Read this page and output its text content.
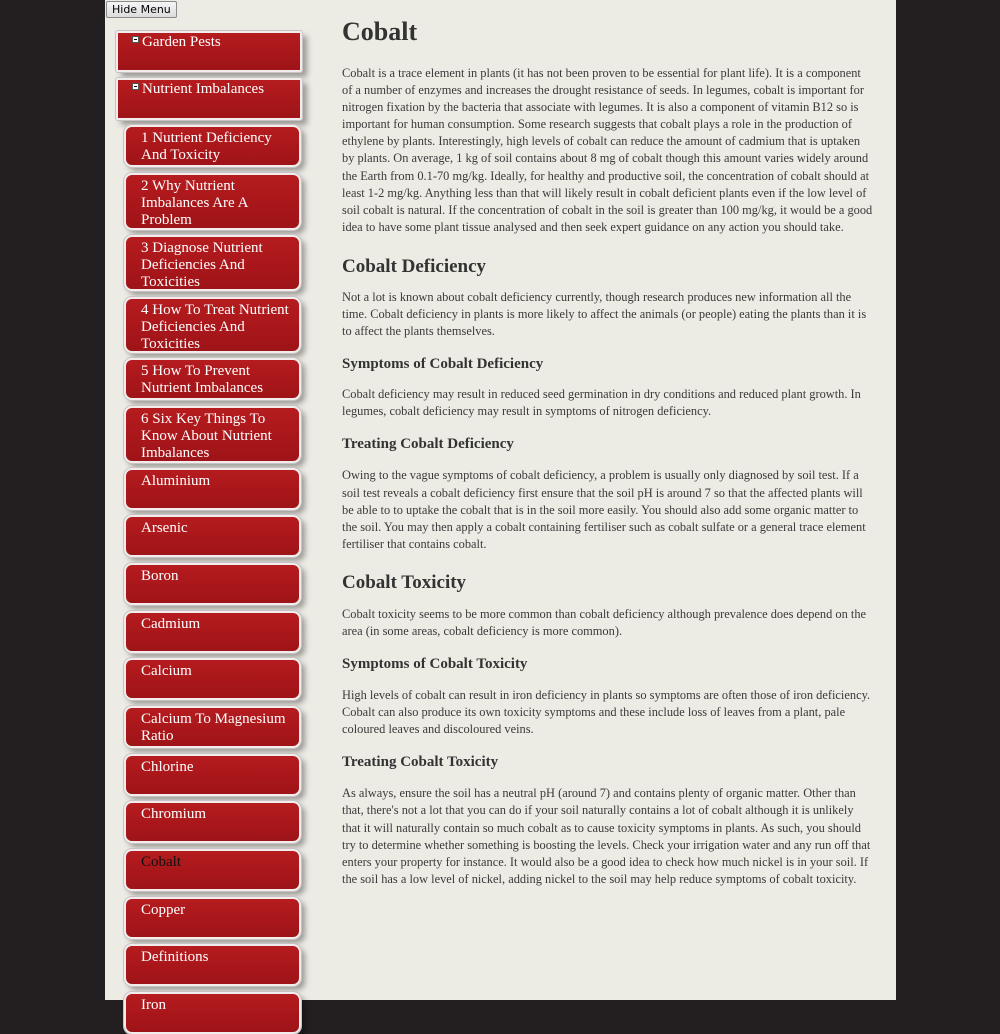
Hide Menu
Garden Pests
Nutrient Imbalances
1 Nutrient Deficiency And Toxicity
2 Why Nutrient Imbalances Are A Problem
3 Diagnose Nutrient Deficiencies And Toxicities
4 How To Treat Nutrient Deficiencies And Toxicities
5 How To Prevent Nutrient Imbalances
6 Six Key Things To Know About Nutrient Imbalances
Aluminium
Arsenic
Boron
Cadmium
Calcium
Calcium To Magnesium Ratio
Chlorine
Chromium
Cobalt
Copper
Definitions
Iron
Cobalt

Cobalt is a trace element in plants (it has not been proven to be essential for plant life). It is a component of a number of enzymes and increases the drought resistance of seeds. In legumes, cobalt is important for nitrogen fixation by the bacteria that associate with legumes. It is also a component of vitamin B12 so is important for human consumption. Some research suggests that cobalt plays a role in the production of ethylene by plants. Interestingly, high levels of cobalt can reduce the amount of cadmium that is uptaken by plants. On average, 1 kg of soil contains about 8 mg of cobalt though this amount varies widely around the Earth from 0.1-70 mg/kg. Ideally, for healthy and productive soil, the concentration of cobalt should at least 1-2 mg/kg. Anything less than that will likely result in cobalt deficient plants even if the low level of soil cobalt is natural. If the concentration of cobalt in the soil is greater than 100 mg/kg, it would be a good idea to have some plant tissue analysed and then seek expert guidance on any action you should take.

Cobalt Deficiency

Not a lot is known about cobalt deficiency currently, though research produces new information all the time. Cobalt deficiency in plants is more likely to affect the animals (or people) eating the plants than it is to affect the plants themselves.

Symptoms of Cobalt Deficiency

Cobalt deficiency may result in reduced seed germination in dry conditions and reduced plant growth. In legumes, cobalt deficiency may result in symptoms of nitrogen deficiency.

Treating Cobalt Deficiency

Owing to the vague symptoms of cobalt deficiency, a problem is usually only diagnosed by soil test. If a soil test reveals a cobalt deficiency first ensure that the soil pH is around 7 so that the affected plants will be able to to uptake the cobalt that is in the soil more easily. You should also add some organic matter to the soil. You may then apply a cobalt containing fertiliser such as cobalt sulfate or a general trace element fertiliser that contains cobalt.

Cobalt Toxicity

Cobalt toxicity seems to be more common than cobalt deficiency although prevalence does depend on the area (in some areas, cobalt deficiency is more common).

Symptoms of Cobalt Toxicity

High levels of cobalt can result in iron deficiency in plants so symptoms are often those of iron deficiency. Cobalt can also produce its own toxicity symptoms and these include loss of leaves from a plant, pale coloured leaves and discoloured veins.

Treating Cobalt Toxicity

As always, ensure the soil has a neutral pH (around 7) and contains plenty of organic matter. Other than that, there's not a lot that you can do if your soil naturally contains a lot of cobalt although it is unlikely that it will naturally contain so much cobalt as to cause toxicity symptoms in plants. As such, you should try to determine whether something is boosting the levels. Check your irrigation water and any run off that enters your property for instance. It would also be a good idea to check how much nickel is in your soil. If the soil has a low level of nickel, adding nickel to the soil may help reduce symptoms of cobalt toxicity.
